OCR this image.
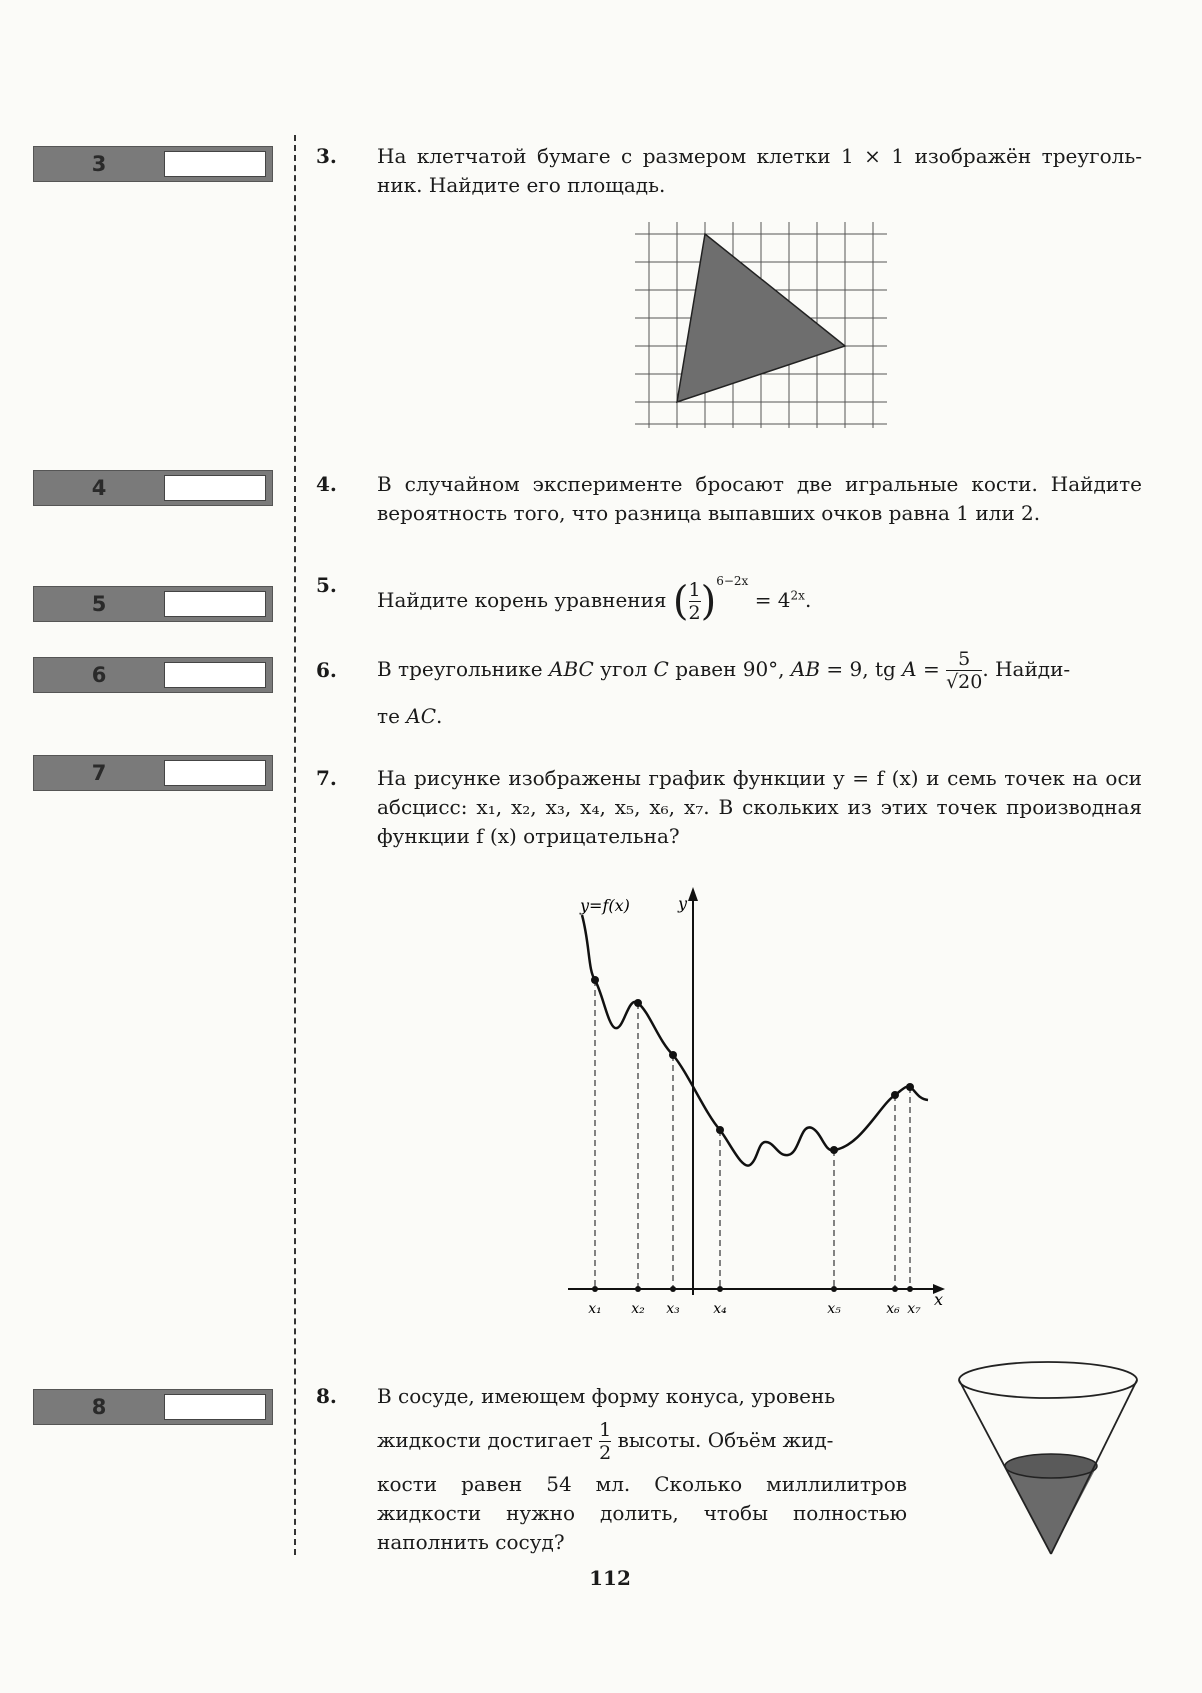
3
4
5
6
7
8
3. На клетчатой бумаге с размером клетки 1 × 1 изображён треуголь-ник. Найдите его площадь.
4. В случайном эксперименте бросают две игральные кости. Найдите вероятность того, что разница выпавших очков равна 1 или 2.
5.
Найдите корень уравнения ( $\frac{1}{2} )^{6-2x} = 4^{2x}$.
6. В треугольнике ABC угол C равен 90°, AB = 9, tg $A = \frac{5}{√20}$ . Найди-
те AC.
7. На рисунке изображены график функции y = f (x) и семь точек на оси абсцисс: x₁, x₂, x₃, x₄, x₅, x₆, x₇. В скольких из этих точек производная функции f (x) отрицательна?
y
x
y=f(x)
x₁ x₂ x₃ x₄	x₅	x₆ x₇
8. В сосуде, имеющем форму конуса, уровень
жидкости достигает $\frac{1}{2}$ высоты. Объём жид-
кости равен 54 мл. Сколько миллилитров жидкости нужно долить, чтобы полностью наполнить сосуд?
112
